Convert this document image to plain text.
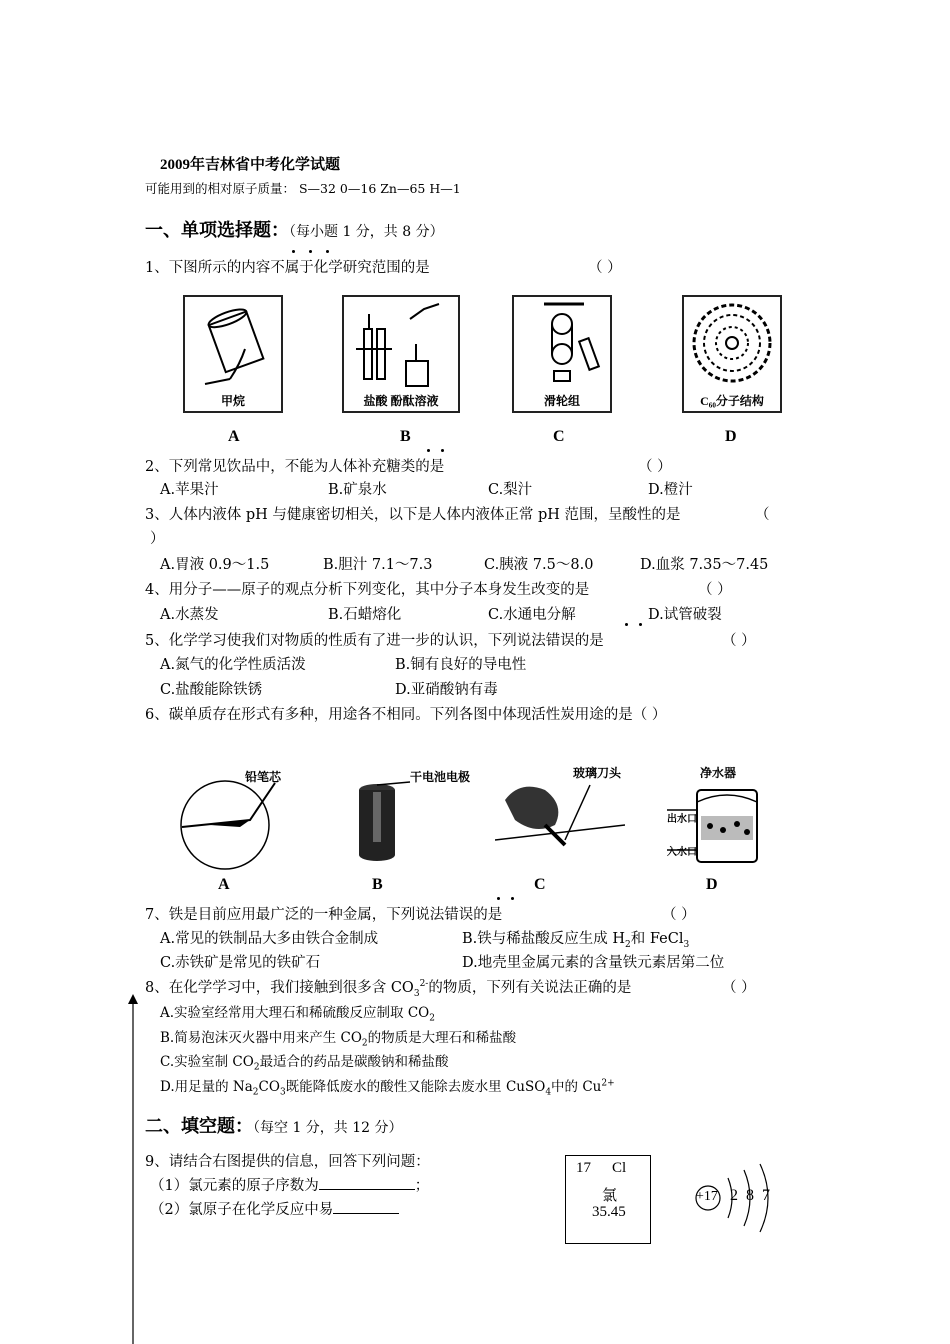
2009年吉林省中考化学试题
可能用到的相对原子质量： S—32 0—16 Zn—65 H—1
一、单项选择题：（每小题 1 分，共 8 分）
1、下图所示的内容不属于化学研究范围的是	（ ）
甲烷	盐酸 酚酞溶液	滑轮组	C₆₀分子结构
A	B	C	D
2、下列常见饮品中，不能为人体补充糖类的是	（ ）
A.苹果汁	B.矿泉水	C.梨汁	D.橙汁
3、人体内液体 pH 与健康密切相关，以下是人体内液体正常 pH 范围，呈酸性的是	（
）
A.胃液 0.9～1.5	B.胆汁 7.1～7.3	C.胰液 7.5～8.0	D.血浆 7.35～7.45
4、用分子——原子的观点分析下列变化，其中分子本身发生改变的是	（ ）
A.水蒸发	B.石蜡熔化	C.水通电分解	D.试管破裂
5、化学学习使我们对物质的性质有了进一步的认识，下列说法错误的是	（ ）
A.氮气的化学性质活泼	B.铜有良好的导电性
C.盐酸能除铁锈	D.亚硝酸钠有毒
6、碳单质存在形式有多种，用途各不相同。下列各图中体现活性炭用途的是（ ）
铅笔芯	干电池电极	玻璃刀头	净水器
出水口
入水口
A	B	C	D
7、铁是目前应用最广泛的一种金属，下列说法错误的是	（ ）
A.常见的铁制品大多由铁合金制成	B.铁与稀盐酸反应生成 $H_2$和 FeCl$_3$
C.赤铁矿是常见的铁矿石	D.地壳里金属元素的含量铁元素居第二位
8、在化学学习中，我们接触到很多含 $CO_3^{2-}$的物质，下列有关说法正确的是	（ ）
A.实验室经常用大理石和稀硫酸反应制取 $CO_2$
B.简易泡沫灭火器中用来产生 $CO_2$的物质是大理石和稀盐酸
C.实验室制 $CO_2$最适合的药品是碳酸钠和稀盐酸
D.用足量的 $Na_2CO_3$既能降低废水的酸性又能除去废水里 CuSO$_4$中的 $Cu^{2+}$
二、填空题：（每空 1 分，共 12 分）
9、请结合右图提供的信息，回答下列问题：
（1）氯元素的原子序数为	；
（2）氯原子在化学反应中易
17 Cl
氯
35.45
+17 2 8 7
